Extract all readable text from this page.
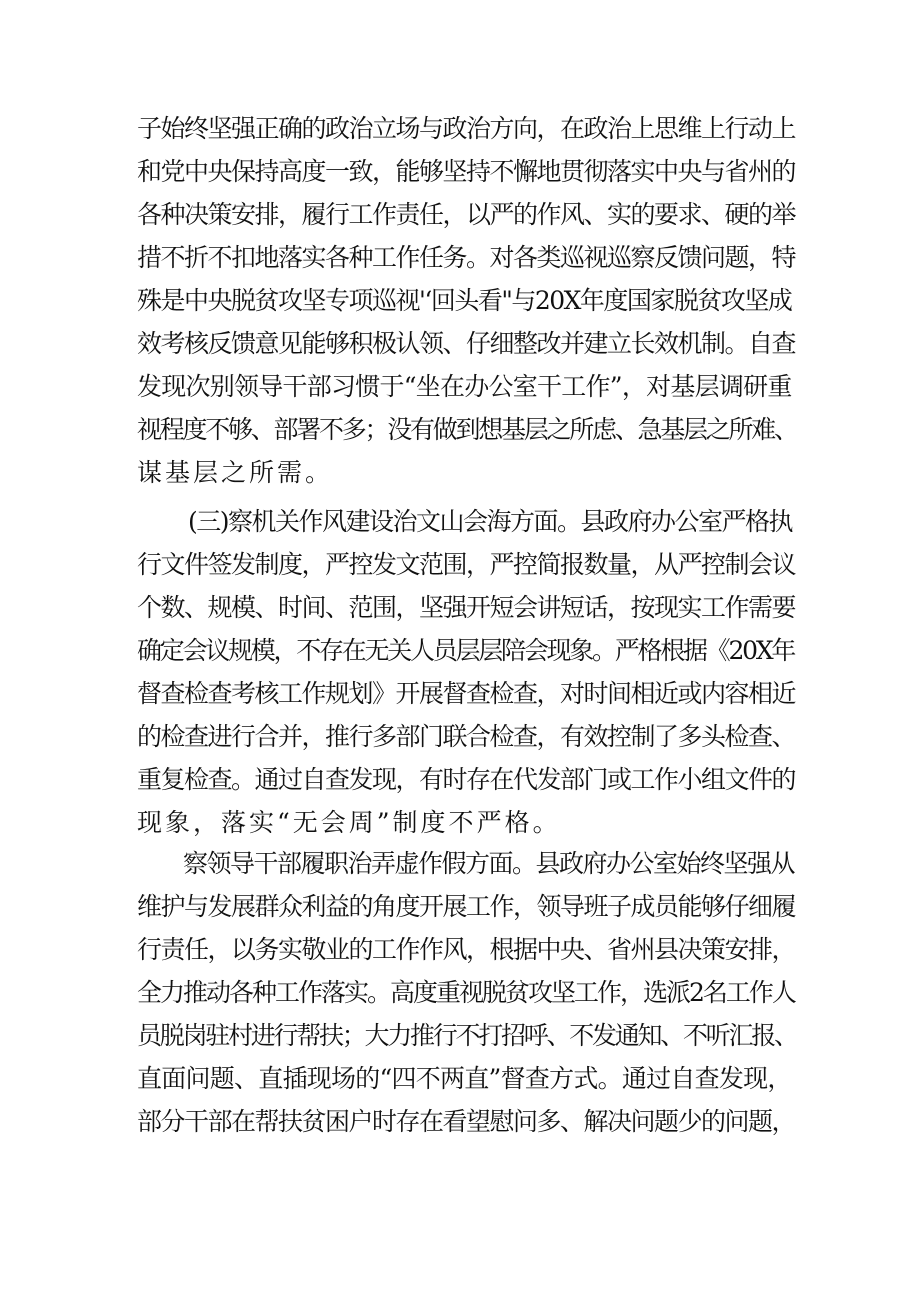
子始终坚强正确的政治立场与政治方向，在政治上思维上行动上
和党中央保持高度一致，能够坚持不懈地贯彻落实中央与省州的
各种决策安排，履行工作责任，以严的作风、实的要求、硬的举
措不折不扣地落实各种工作任务。对各类巡视巡察反馈问题，特
殊是中央脱贫攻坚专项巡视'‘回头看"与20X年度国家脱贫攻坚成
效考核反馈意见能够积极认领、仔细整改并建立长效机制。自查
发现次别领导干部习惯于“坐在办公室干工作”，对基层调研重
视程度不够、部署不多；没有做到想基层之所虑、急基层之所难、
谋基层之所需。
(三)察机关作风建设治文山会海方面。县政府办公室严格执
行文件签发制度，严控发文范围，严控简报数量，从严控制会议
个数、规模、时间、范围，坚强开短会讲短话，按现实工作需要
确定会议规模，不存在无关人员层层陪会现象。严格根据《20X年
督查检查考核工作规划》开展督查检查，对时间相近或内容相近
的检查进行合并，推行多部门联合检查，有效控制了多头检查、
重复检查。通过自查发现，有时存在代发部门或工作小组文件的
现象，落实“无会周”制度不严格。
察领导干部履职治弄虚作假方面。县政府办公室始终坚强从
维护与发展群众利益的角度开展工作，领导班子成员能够仔细履
行责任，以务实敬业的工作作风，根据中央、省州县决策安排，
全力推动各种工作落实。高度重视脱贫攻坚工作，选派2名工作人
员脱岗驻村进行帮扶；大力推行不打招呼、不发通知、不听汇报、
直面问题、直插现场的“四不两直”督查方式。通过自查发现，
部分干部在帮扶贫困户时存在看望慰问多、解决问题少的问题，
